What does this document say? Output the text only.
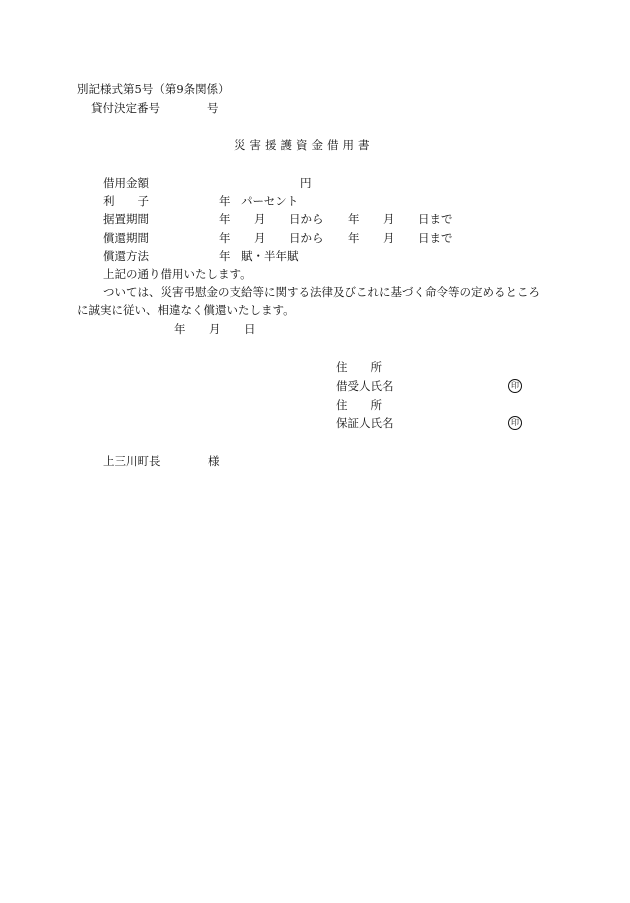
別記様式第5号（第9条関係）
貸付決定番号	号
災害援護資金借用書
借用金額	円
利　　子	年 パーセント
据置期間	年 月 日から 年 月 日まで
償還期間	年 月 日から 年 月 日まで
償還方法	年 賦・半年賦
上記の通り借用いたします。
ついては、災害弔慰金の支給等に関する法律及びこれに基づく命令等の定めるところ
に誠実に従い、相違なく償還いたします。
年 月 日
住　　所
借受人氏名	印
住　　所
保証人氏名	印
上三川町長	様
